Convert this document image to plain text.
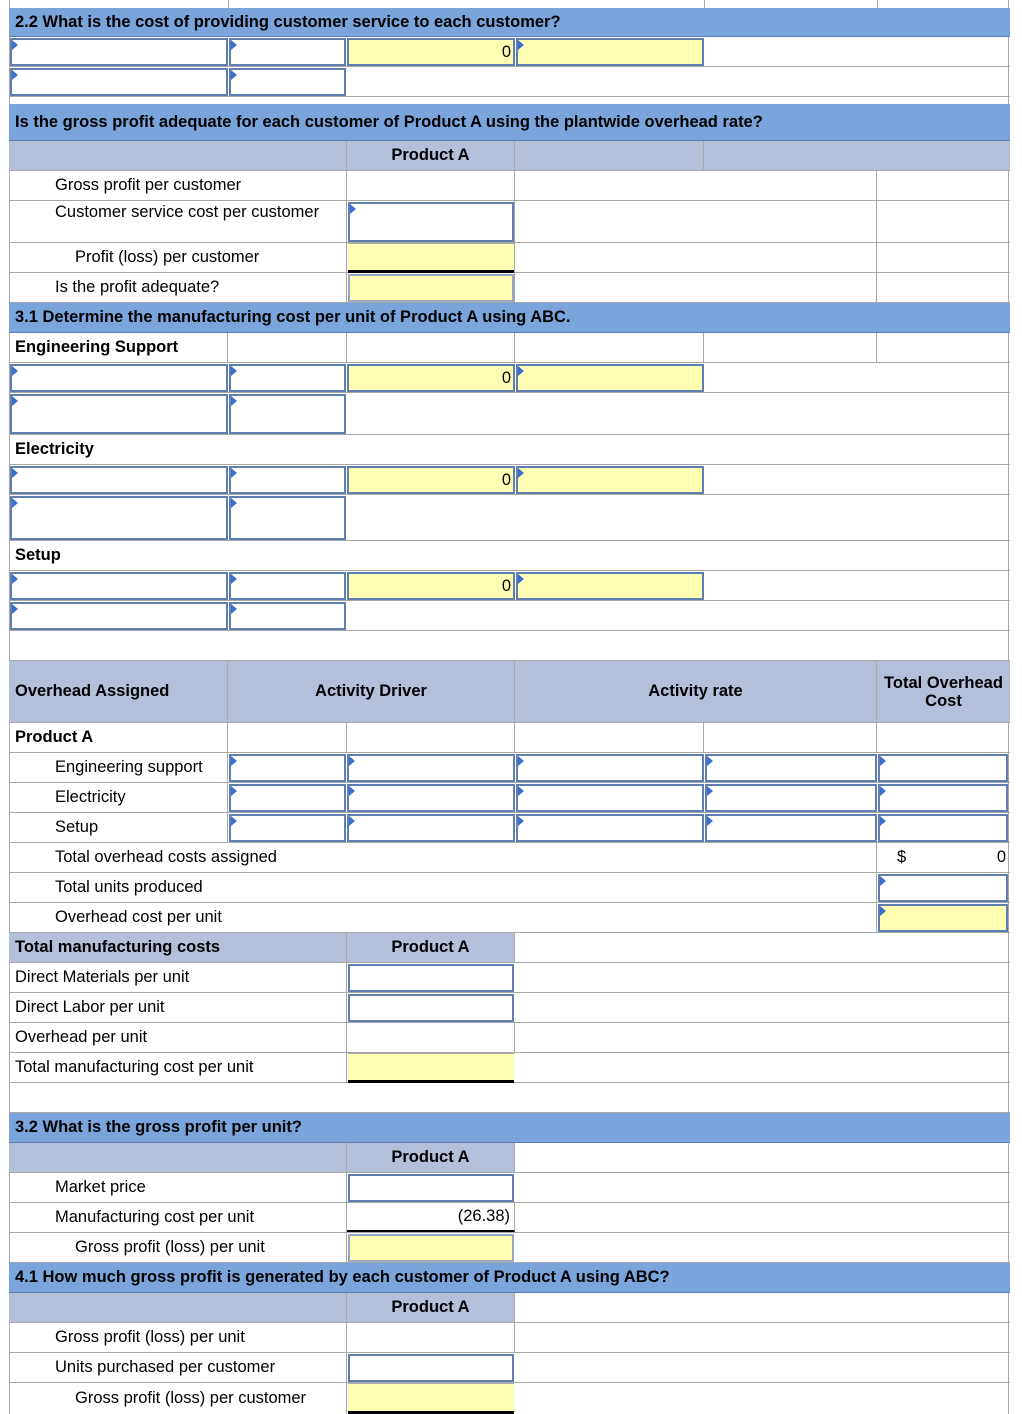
2.2 What is the cost of providing customer service to each customer?
0
Is the gross profit adequate for each customer of Product A using the plantwide overhead rate?
Product A
Gross profit per customer
Customer service cost per customer
Profit (loss) per customer
Is the profit adequate?
3.1 Determine the manufacturing cost per unit of Product A using ABC.
Engineering Support
0
Electricity
0
Setup
0
Overhead Assigned	Activity Driver	Activity rate	Total Overhead Cost
Product A
Engineering support
Electricity
Setup
Total overhead costs assigned	$	0
Total units produced
Overhead cost per unit
Total manufacturing costs	Product A
Direct Materials per unit
Direct Labor per unit
Overhead per unit
Total manufacturing cost per unit
3.2 What is the gross profit per unit?
Product A
Market price
Manufacturing cost per unit	(26.38)
Gross profit (loss) per unit
4.1 How much gross profit is generated by each customer of Product A using ABC?
Product A
Gross profit (loss) per unit
Units purchased per customer
Gross profit (loss) per customer
